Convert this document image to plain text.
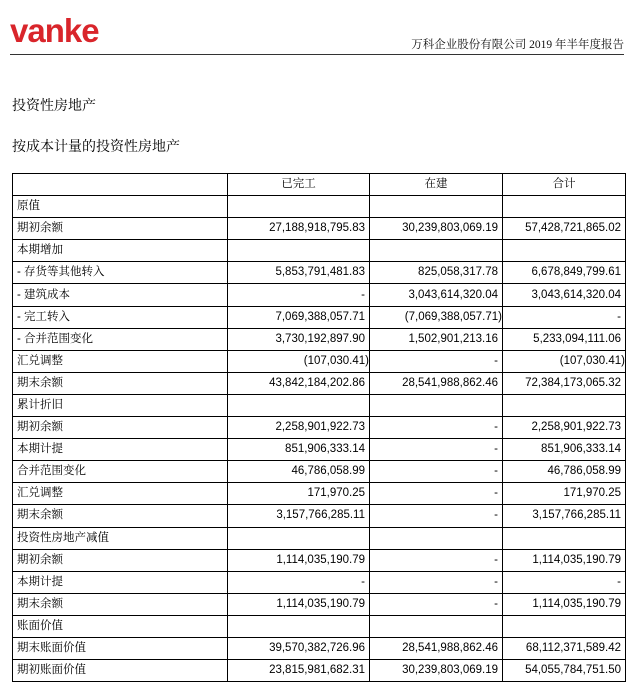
vanke	万科企业股份有限公司 2019 年半年度报告
投资性房地产
按成本计量的投资性房地产
	已完工	在建	合计
原值			
期初余额	27,188,918,795.83	30,239,803,069.19	57,428,721,865.02
本期增加			
- 存货等其他转入	5,853,791,481.83	825,058,317.78	6,678,849,799.61
- 建筑成本	-	3,043,614,320.04	3,043,614,320.04
- 完工转入	7,069,388,057.71	(7,069,388,057.71)	-
- 合并范围变化	3,730,192,897.90	1,502,901,213.16	5,233,094,111.06
汇兑调整	(107,030.41)	-	(107,030.41)
期末余额	43,842,184,202.86	28,541,988,862.46	72,384,173,065.32
累计折旧			
期初余额	2,258,901,922.73	-	2,258,901,922.73
本期计提	851,906,333.14	-	851,906,333.14
合并范围变化	46,786,058.99	-	46,786,058.99
汇兑调整	171,970.25	-	171,970.25
期末余额	3,157,766,285.11	-	3,157,766,285.11
投资性房地产减值			
期初余额	1,114,035,190.79	-	1,114,035,190.79
本期计提	-	-	-
期末余额	1,114,035,190.79	-	1,114,035,190.79
账面价值			
期末账面价值	39,570,382,726.96	28,541,988,862.46	68,112,371,589.42
期初账面价值	23,815,981,682.31	30,239,803,069.19	54,055,784,751.50
